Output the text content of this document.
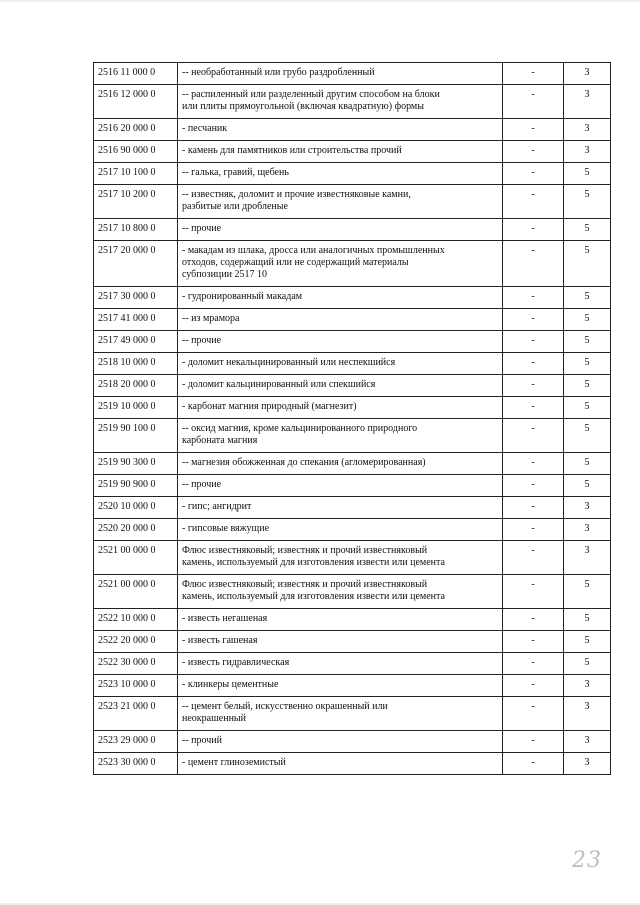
2516 11 000 0	-- необработанный или грубо раздробленный	-	3
2516 12 000 0	-- распиленный или разделенный другим способом на блоки
или плиты прямоугольной (включая квадратную) формы	-	3
2516 20 000 0	- песчаник	-	3
2516 90 000 0	- камень для памятников или строительства прочий	-	3
2517 10 100 0	-- галька, гравий, щебень	-	5
2517 10 200 0	-- известняк, доломит и прочие известняковые камни,
разбитые или дробленые	-	5
2517 10 800 0	-- прочие	-	5
2517 20 000 0	- макадам из шлака, дросса или аналогичных промышленных
отходов, содержащий или не содержащий материалы
субпозиции 2517 10	-	5
2517 30 000 0	- гудронированный макадам	-	5
2517 41 000 0	-- из мрамора	-	5
2517 49 000 0	-- прочие	-	5
2518 10 000 0	- доломит некальцинированный или неспекшийся	-	5
2518 20 000 0	- доломит кальцинированный или спекшийся	-	5
2519 10 000 0	- карбонат магния природный (магнезит)	-	5
2519 90 100 0	-- оксид магния, кроме кальцинированного природного
карбоната магния	-	5
2519 90 300 0	-- магнезия обожженная до спекания (агломерированная)	-	5
2519 90 900 0	-- прочие	-	5
2520 10 000 0	- гипс; ангидрит	-	3
2520 20 000 0	- гипсовые вяжущие	-	3
2521 00 000 0	Флюс известняковый; известняк и прочий известняковый
камень, используемый для изготовления извести или цемента	-	3
2521 00 000 0	Флюс известняковый; известняк и прочий известняковый
камень, используемый для изготовления извести или цемента	-	5
2522 10 000 0	- известь негашеная	-	5
2522 20 000 0	- известь гашеная	-	5
2522 30 000 0	- известь гидравлическая	-	5
2523 10 000 0	- клинкеры цементные	-	3
2523 21 000 0	-- цемент белый, искусственно окрашенный или
неокрашенный	-	3
2523 29 000 0	-- прочий	-	3
2523 30 000 0	- цемент глиноземистый	-	3
23
